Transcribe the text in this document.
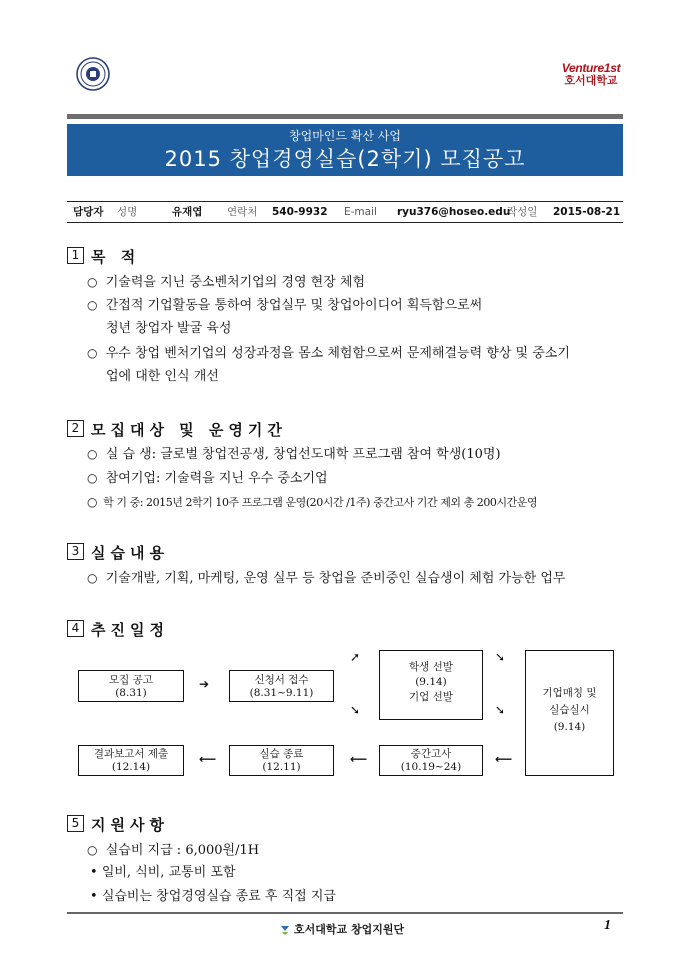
Venture1st
호서대학교
창업마인드 확산 사업
2015 창업경영실습(2학기) 모집공고
담당자 성명	유재엽 연락처 540-9932 E-mail ryu376@hoseo.edu
작성일 2015-08-21
1 목 적
○ 기술력을 지닌 중소벤처기업의 경영 현장 체험
○ 간접적 기업활동을 통하여 창업실무 및 창업아이디어 획득함으로써
청년 창업자 발굴 육성
○ 우수 창업 벤처기업의 성장과정을 몸소 체험함으로써 문제해결능력 향상 및 중소기
업에 대한 인식 개선
2 모집대상 및 운영기간
○ 실 습 생: 글로벌 창업전공생, 창업선도대학 프로그램 참여 학생(10명)
○ 참여기업: 기술력을 지닌 우수 중소기업
○ 학 기 중: 2015년 2학기 10주 프로그램 운영(20시간 /1주) 중간고사 기간 제외 총 200시간운영
3 실습내용
○ 기술개발, 기획, 마케팅, 운영 실무 등 창업을 준비중인 실습생이 체험 가능한 업무
4 추진일정
모집 공고
(8.31)
➔	신청서 접수
(8.31~9.11)
➚
➘
학생 선발
(9.14)
기업 선발
➘
➘
기업매칭 및
실습실시
(9.14)
결과보고서 제출
(12.14)
⟵	실습 종료
(12.11)
⟵	중간고사
(10.19~24)
⟵
5 지원사항
○ 실습비 지급 : 6,000원/1H
• 일비, 식비, 교통비 포함
• 실습비는 창업경영실습 종료 후 직접 지급
호서대학교 창업지원단	1
